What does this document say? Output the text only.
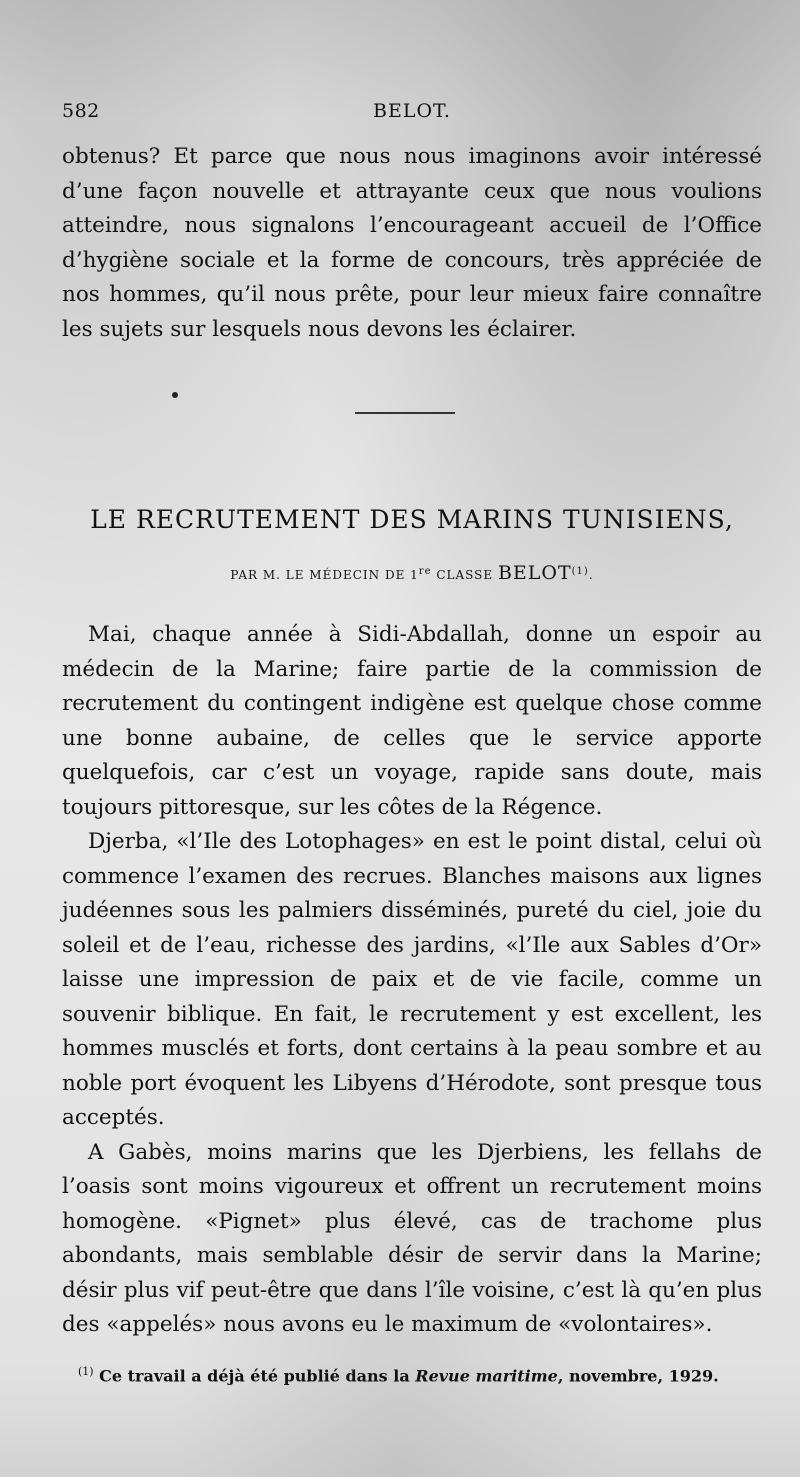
582	BELOT.

obtenus? Et parce que nous nous imaginons avoir intéressé d’une façon nouvelle et attrayante ceux que nous voulions atteindre, nous signalons l’encourageant accueil de l’Office d’hygiène sociale et la forme de concours, très appréciée de nos hommes, qu’il nous prête, pour leur mieux faire connaître les sujets sur lesquels nous devons les éclairer.

LE RECRUTEMENT DES MARINS TUNISIENS,
PAR M. LE MÉDECIN DE 1re CLASSE BELOT$^{(1)}$.

Mai, chaque année à Sidi-Abdallah, donne un espoir au médecin de la Marine; faire partie de la commission de recrutement du contingent indigène est quelque chose comme une bonne aubaine, de celles que le service apporte quelquefois, car c’est un voyage, rapide sans doute, mais toujours pittoresque, sur les côtes de la Régence.

Djerba, «l’Ile des Lotophages» en est le point distal, celui où commence l’examen des recrues. Blanches maisons aux lignes judéennes sous les palmiers disséminés, pureté du ciel, joie du soleil et de l’eau, richesse des jardins, «l’Ile aux Sables d’Or» laisse une impression de paix et de vie facile, comme un souvenir biblique. En fait, le recrutement y est excellent, les hommes musclés et forts, dont certains à la peau sombre et au noble port évoquent les Libyens d’Hérodote, sont presque tous acceptés.

A Gabès, moins marins que les Djerbiens, les fellahs de l’oasis sont moins vigoureux et offrent un recrutement moins homogène. «Pignet» plus élevé, cas de trachome plus abondants, mais semblable désir de servir dans la Marine; désir plus vif peut-être que dans l’île voisine, c’est là qu’en plus des «appelés» nous avons eu le maximum de «volontaires».

$^{(1)}$ Ce travail a déjà été publié dans la Revue maritime, novembre, 1929.
